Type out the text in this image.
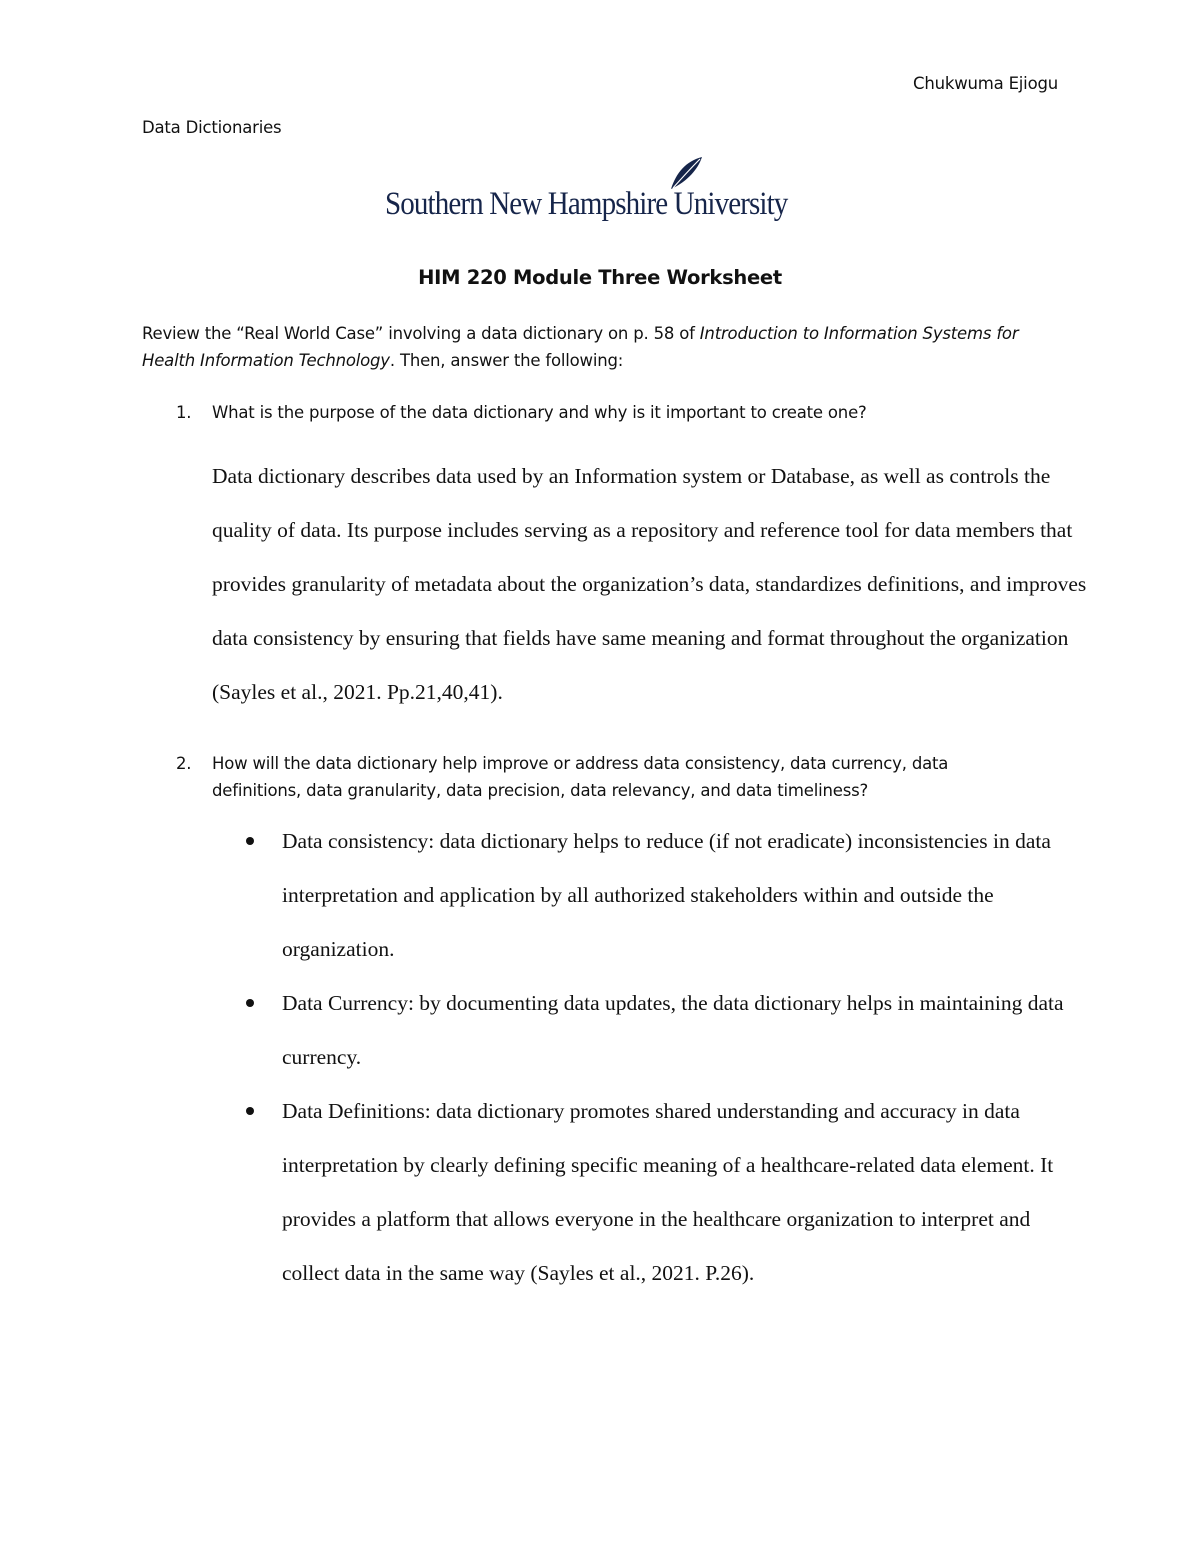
Chukwuma Ejiogu

Data Dictionaries

Southern New Hampshire University
HIM 220 Module Three Worksheet

Review the “Real World Case” involving a data dictionary on p. 58 of Introduction to Information Systems for Health Information Technology. Then, answer the following:

1. What is the purpose of the data dictionary and why is it important to create one?

Data dictionary describes data used by an Information system or Database, as well as controls the quality of data. Its purpose includes serving as a repository and reference tool for data members that provides granularity of metadata about the organization’s data, standardizes definitions, and improves data consistency by ensuring that fields have same meaning and format throughout the organization (Sayles et al., 2021. Pp.21,40,41).

2. How will the data dictionary help improve or address data consistency, data currency, data definitions, data granularity, data precision, data relevancy, and data timeliness?
Data consistency: data dictionary helps to reduce (if not eradicate) inconsistencies in data interpretation and application by all authorized stakeholders within and outside the organization.
Data Currency: by documenting data updates, the data dictionary helps in maintaining data currency.
Data Definitions: data dictionary promotes shared understanding and accuracy in data interpretation by clearly defining specific meaning of a healthcare-related data element. It provides a platform that allows everyone in the healthcare organization to interpret and collect data in the same way (Sayles et al., 2021. P.26).
